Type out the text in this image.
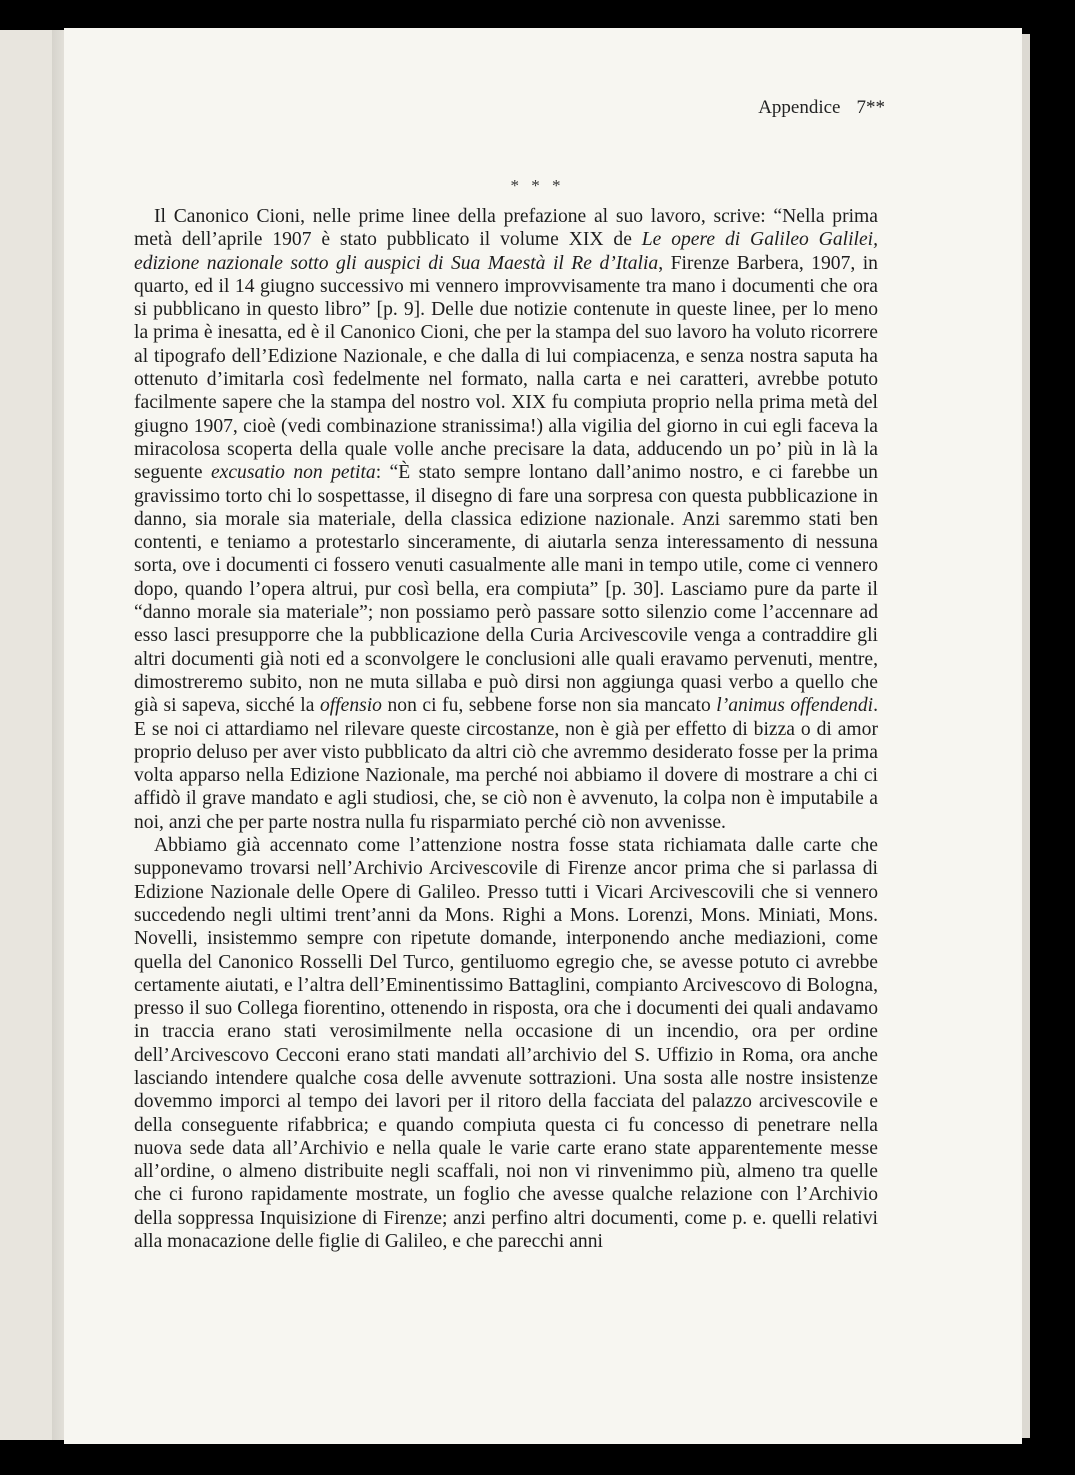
Appendice 7**
* * *

Il Canonico Cioni, nelle prime linee della prefazione al suo lavoro, scrive: “Nella prima metà dell’aprile 1907 è stato pubblicato il volume XIX de Le opere di Galileo Galilei, edizione nazionale sotto gli auspici di Sua Maestà il Re d’Italia, Firenze Barbera, 1907, in quarto, ed il 14 giugno successivo mi vennero improvvisamente tra mano i documenti che ora si pubblicano in questo libro” [p. 9]. Delle due notizie contenute in queste linee, per lo meno la prima è inesatta, ed è il Canonico Cioni, che per la stampa del suo lavoro ha voluto ricorrere al tipografo dell’Edizione Nazionale, e che dalla di lui compiacenza, e senza nostra saputa ha ottenuto d’imitarla così fedelmente nel formato, nalla carta e nei caratteri, avrebbe potuto facilmente sapere che la stampa del nostro vol. XIX fu compiuta proprio nella prima metà del giugno 1907, cioè (vedi combinazione stranissima!) alla vigilia del giorno in cui egli faceva la miracolosa scoperta della quale volle anche precisare la data, adducendo un po’ più in là la seguente excusatio non petita: “È stato sempre lontano dall’animo nostro, e ci farebbe un gravissimo torto chi lo sospettasse, il disegno di fare una sorpresa con questa pubblicazione in danno, sia morale sia materiale, della classica edizione nazionale. Anzi saremmo stati ben contenti, e teniamo a protestarlo sinceramente, di aiutarla senza interessamento di nessuna sorta, ove i documenti ci fossero venuti casualmente alle mani in tempo utile, come ci vennero dopo, quando l’opera altrui, pur così bella, era compiuta” [p. 30]. Lasciamo pure da parte il “danno morale sia materiale”; non possiamo però passare sotto silenzio come l’accennare ad esso lasci presupporre che la pubblicazione della Curia Arcivescovile venga a contraddire gli altri documenti già noti ed a sconvolgere le conclusioni alle quali eravamo pervenuti, mentre, dimostreremo subito, non ne muta sillaba e può dirsi non aggiunga quasi verbo a quello che già si sapeva, sicché la offensio non ci fu, sebbene forse non sia mancato l’animus offendendi. E se noi ci attardiamo nel rilevare queste circostanze, non è già per effetto di bizza o di amor proprio deluso per aver visto pubblicato da altri ciò che avremmo desiderato fosse per la prima volta apparso nella Edizione Nazionale, ma perché noi abbiamo il dovere di mostrare a chi ci affidò il grave mandato e agli studiosi, che, se ciò non è avvenuto, la colpa non è imputabile a noi, anzi che per parte nostra nulla fu risparmiato perché ciò non avvenisse.

Abbiamo già accennato come l’attenzione nostra fosse stata richiamata dalle carte che supponevamo trovarsi nell’Archivio Arcivescovile di Firenze ancor prima che si parlassa di Edizione Nazionale delle Opere di Galileo. Presso tutti i Vicari Arcivescovili che si vennero succedendo negli ultimi trent’anni da Mons. Righi a Mons. Lorenzi, Mons. Miniati, Mons. Novelli, insistemmo sempre con ripetute domande, interponendo anche mediazioni, come quella del Canonico Rosselli Del Turco, gentiluomo egregio che, se avesse potuto ci avrebbe certamente aiutati, e l’altra dell’Eminentissimo Battaglini, compianto Arcivescovo di Bologna, presso il suo Collega fiorentino, ottenendo in risposta, ora che i documenti dei quali andavamo in traccia erano stati verosimilmente nella occasione di un incendio, ora per ordine dell’Arcivescovo Cecconi erano stati mandati all’archivio del S. Uffizio in Roma, ora anche lasciando intendere qualche cosa delle avvenute sottrazioni. Una sosta alle nostre insistenze dovemmo imporci al tempo dei lavori per il ritoro della facciata del palazzo arcivescovile e della conseguente rifabbrica; e quando compiuta questa ci fu concesso di penetrare nella nuova sede data all’Archivio e nella quale le varie carte erano state apparentemente messe all’ordine, o almeno distribuite negli scaffali, noi non vi rinvenimmo più, almeno tra quelle che ci furono rapidamente mostrate, un foglio che avesse qualche relazione con l’Archivio della soppressa Inquisizione di Firenze; anzi perfino altri documenti, come p. e. quelli relativi alla monacazione delle figlie di Galileo, e che parecchi anni
